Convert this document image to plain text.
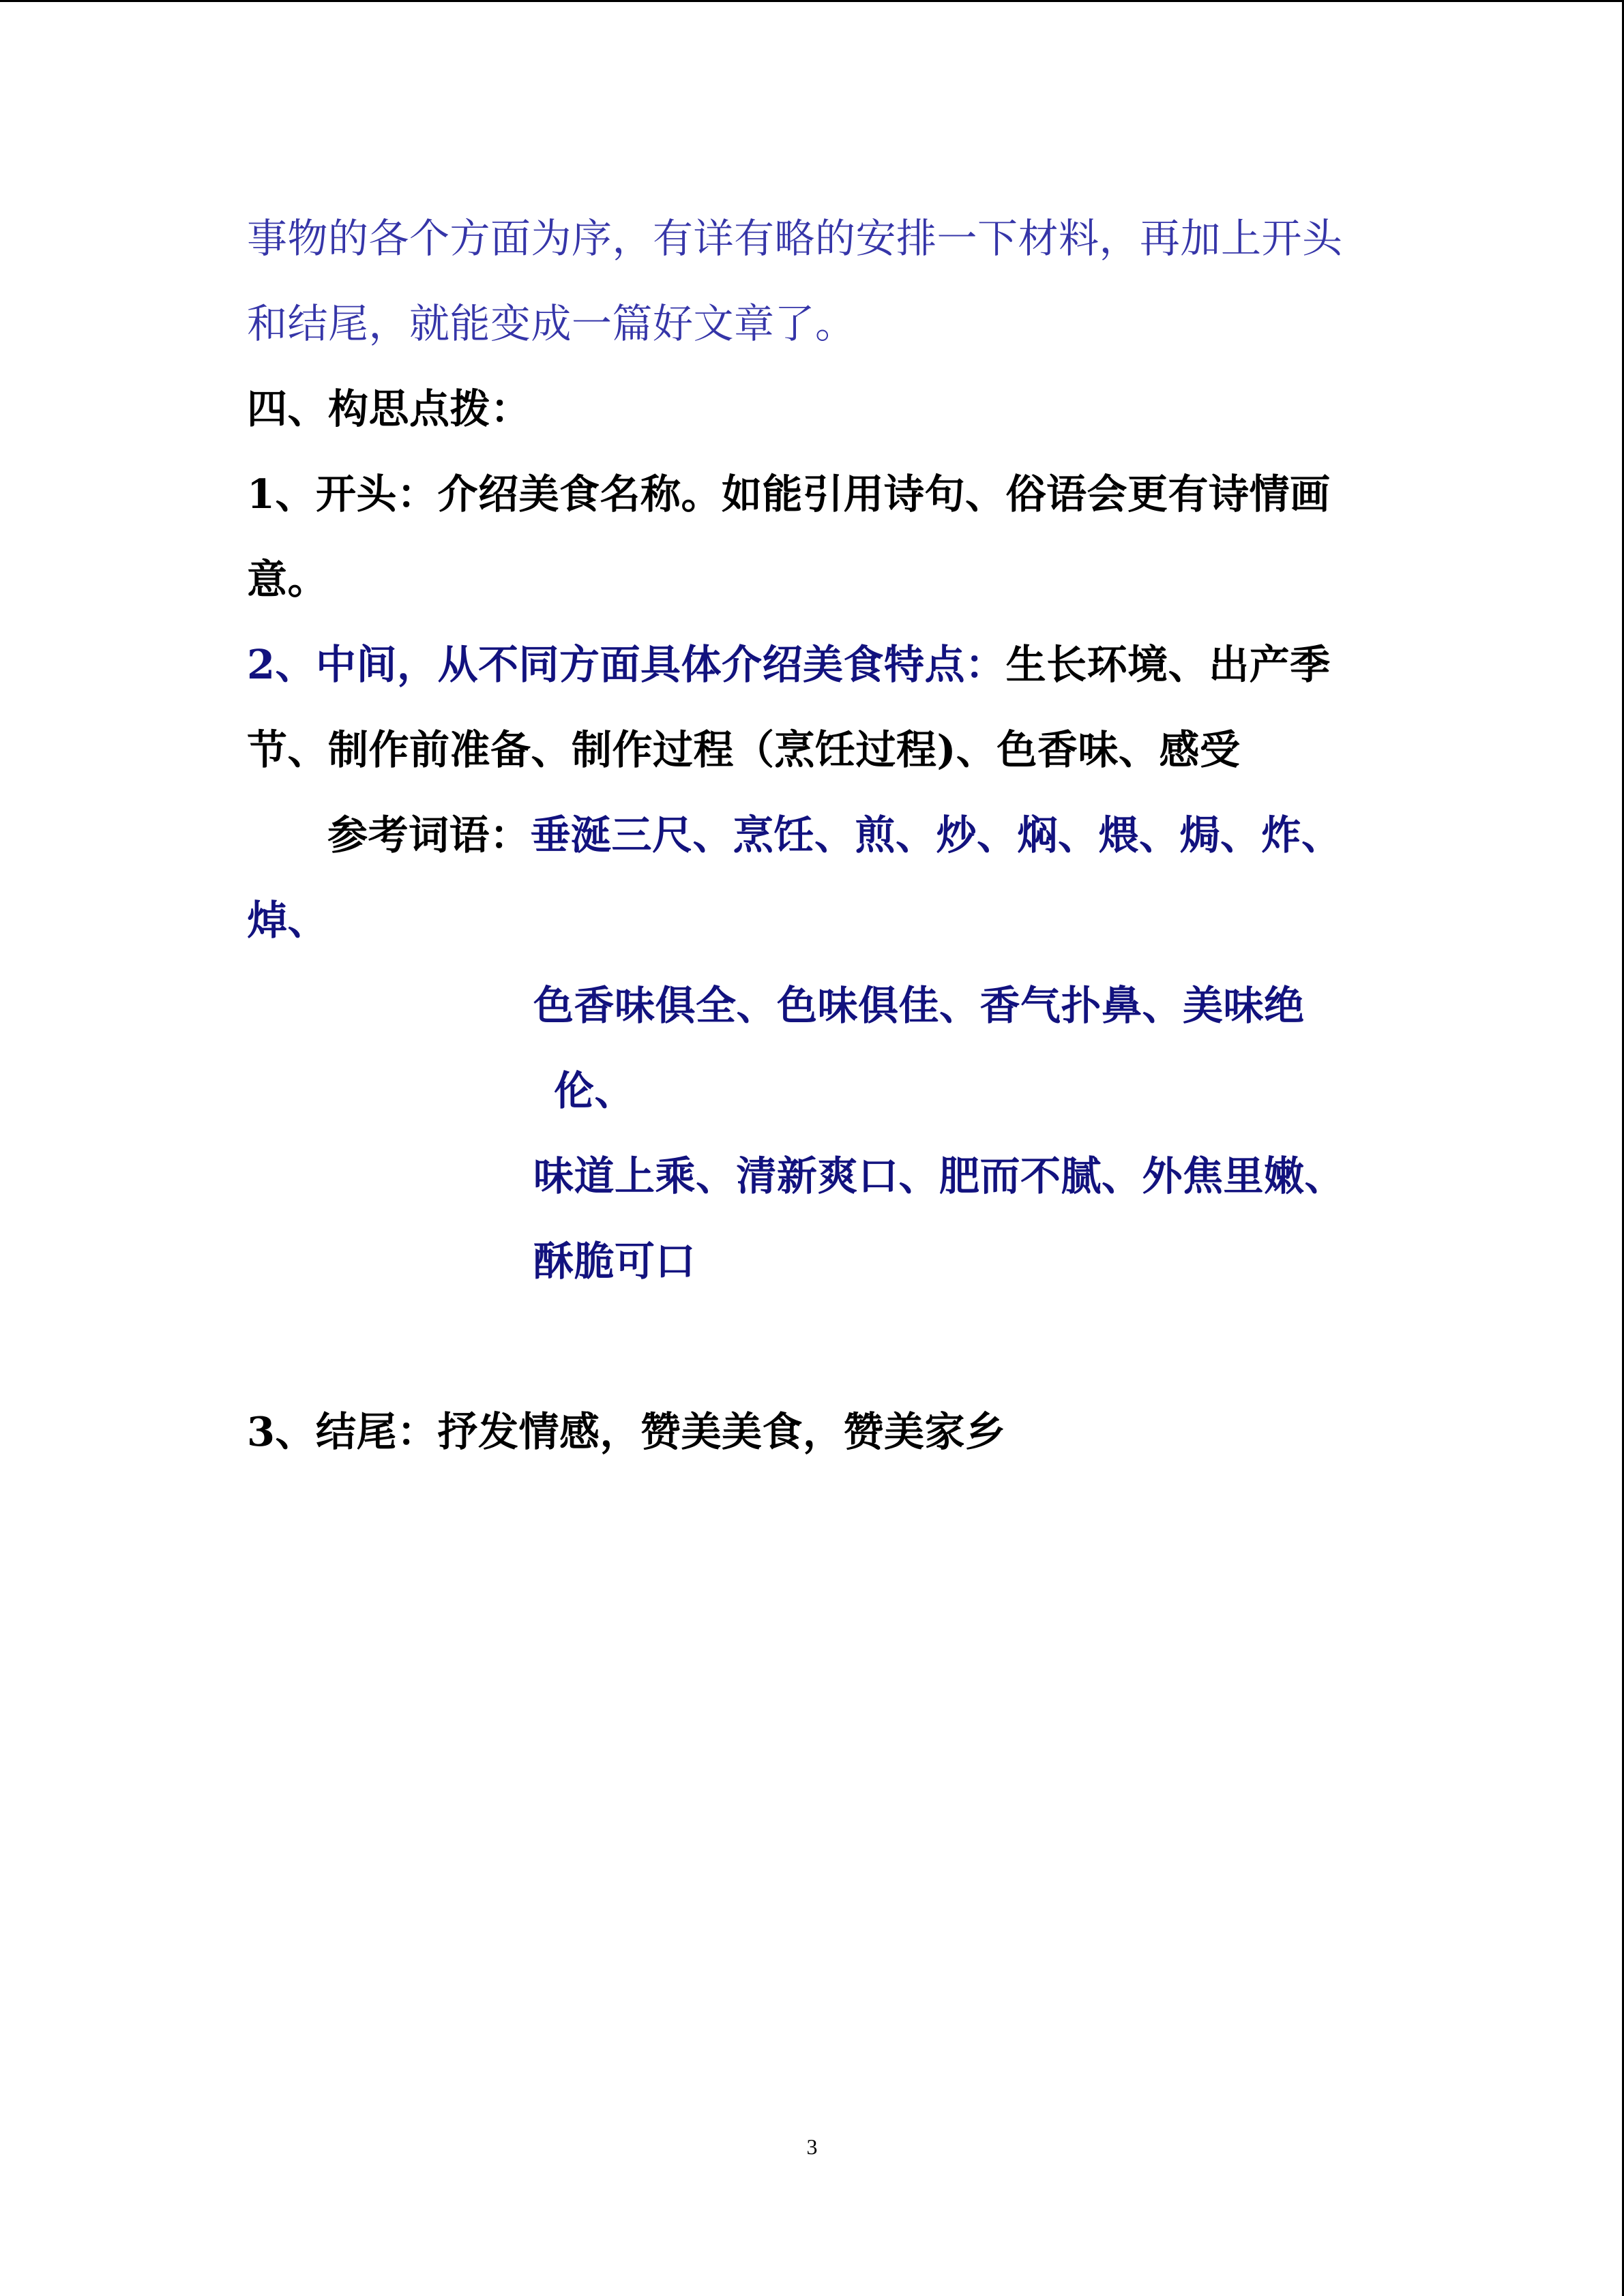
事物的各个方面为序，有详有略的安排一下材料，再加上开头
和结尾，就能变成一篇好文章了。
四、构思点拨：
1、开头：介绍美食名称。如能引用诗句、俗语会更有诗情画
意。
2、中间，从不同方面具体介绍美食特点：生长环境、出产季
节、制作前准备、制作过程（烹饪过程)、色香味、感受
参考词语：垂涎三尺、烹饪、煎、炒、焖、煨、焗、炸、
焯、
色香味俱全、色味俱佳、香气扑鼻、美味绝
伦、
味道上乘、清新爽口、肥而不腻、外焦里嫩、
酥脆可口
3、结尾：抒发情感，赞美美食，赞美家乡
3
